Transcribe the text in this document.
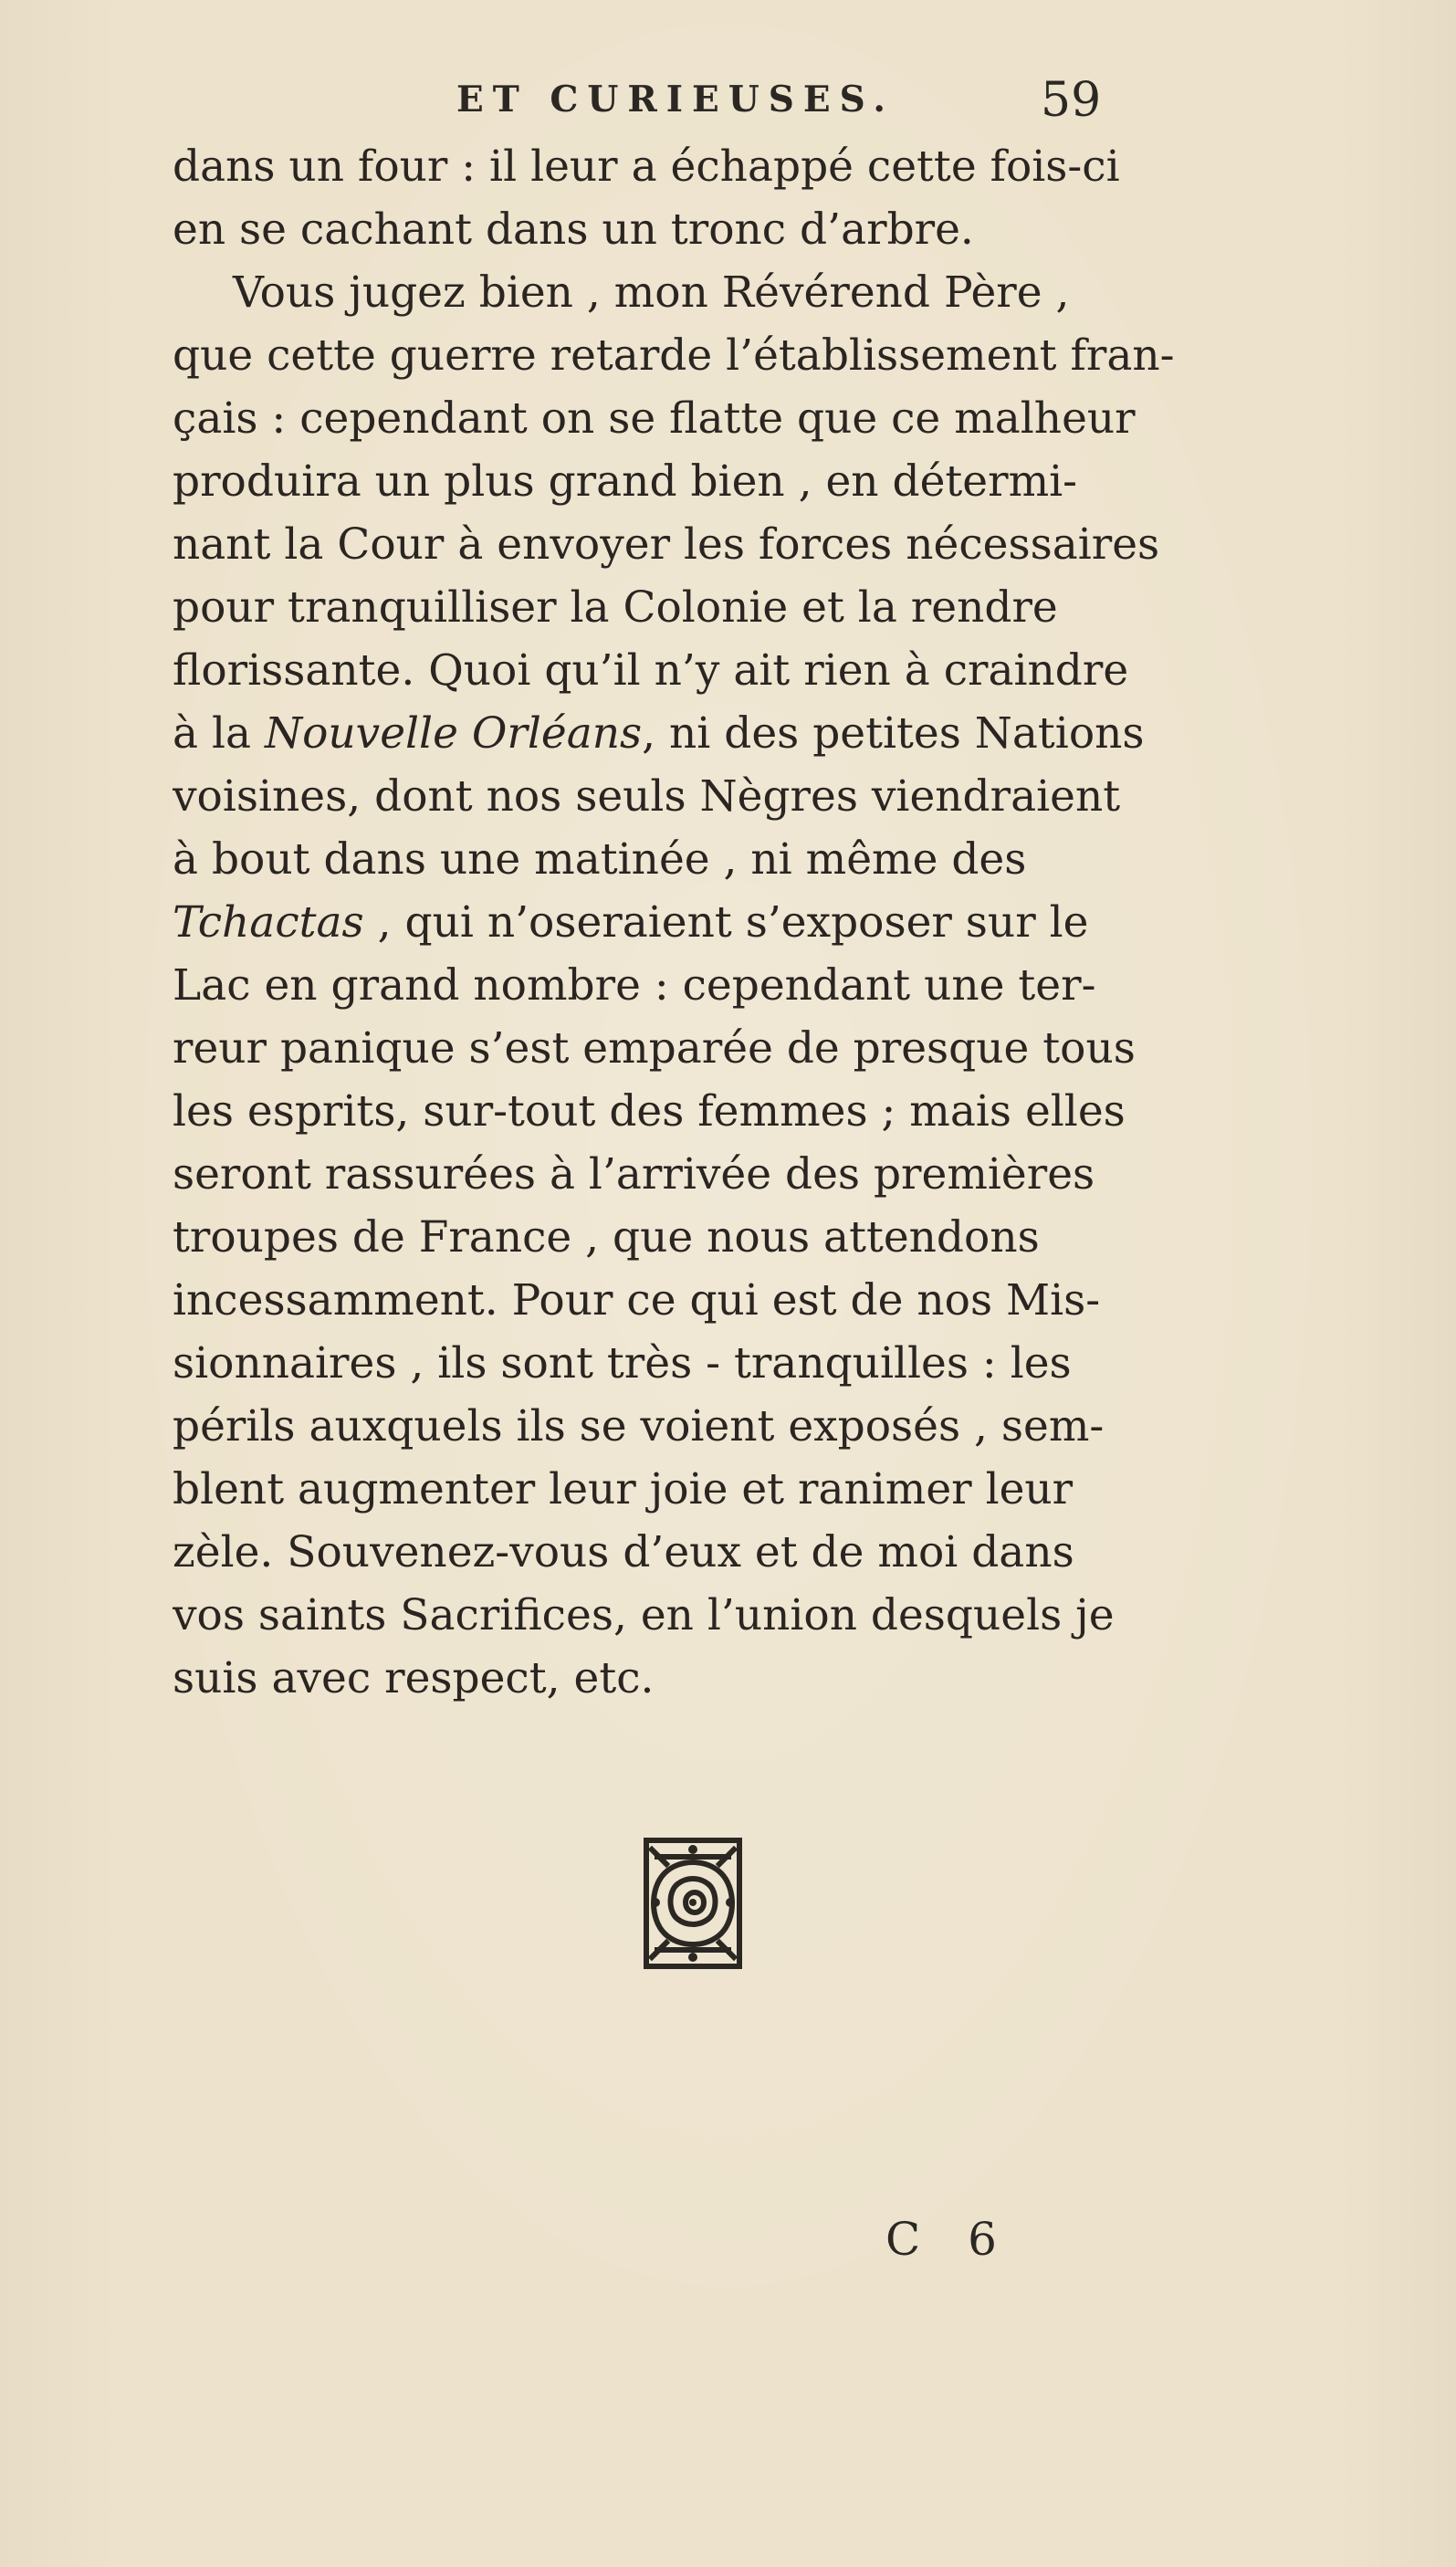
ET CURIEUSES.	59
dans un four : il leur a échappé cette fois-ci
en se cachant dans un tronc d’arbre.
Vous jugez bien , mon Révérend Père ,
que cette guerre retarde l’établissement fran-
çais : cependant on se flatte que ce malheur
produira un plus grand bien , en détermi-
nant la Cour à envoyer les forces nécessaires
pour tranquilliser la Colonie et la rendre
florissante. Quoi qu’il n’y ait rien à craindre
à la Nouvelle Orléans, ni des petites Nations
voisines, dont nos seuls Nègres viendraient
à bout dans une matinée , ni même des
Tchactas , qui n’oseraient s’exposer sur le
Lac en grand nombre : cependant une ter-
reur panique s’est emparée de presque tous
les esprits, sur-tout des femmes ; mais elles
seront rassurées à l’arrivée des premières
troupes de France , que nous attendons
incessamment. Pour ce qui est de nos Mis-
sionnaires , ils sont très - tranquilles : les
périls auxquels ils se voient exposés , sem-
blent augmenter leur joie et ranimer leur
zèle. Souvenez-vous d’eux et de moi dans
vos saints Sacrifices, en l’union desquels je
suis avec respect, etc.
C 6
